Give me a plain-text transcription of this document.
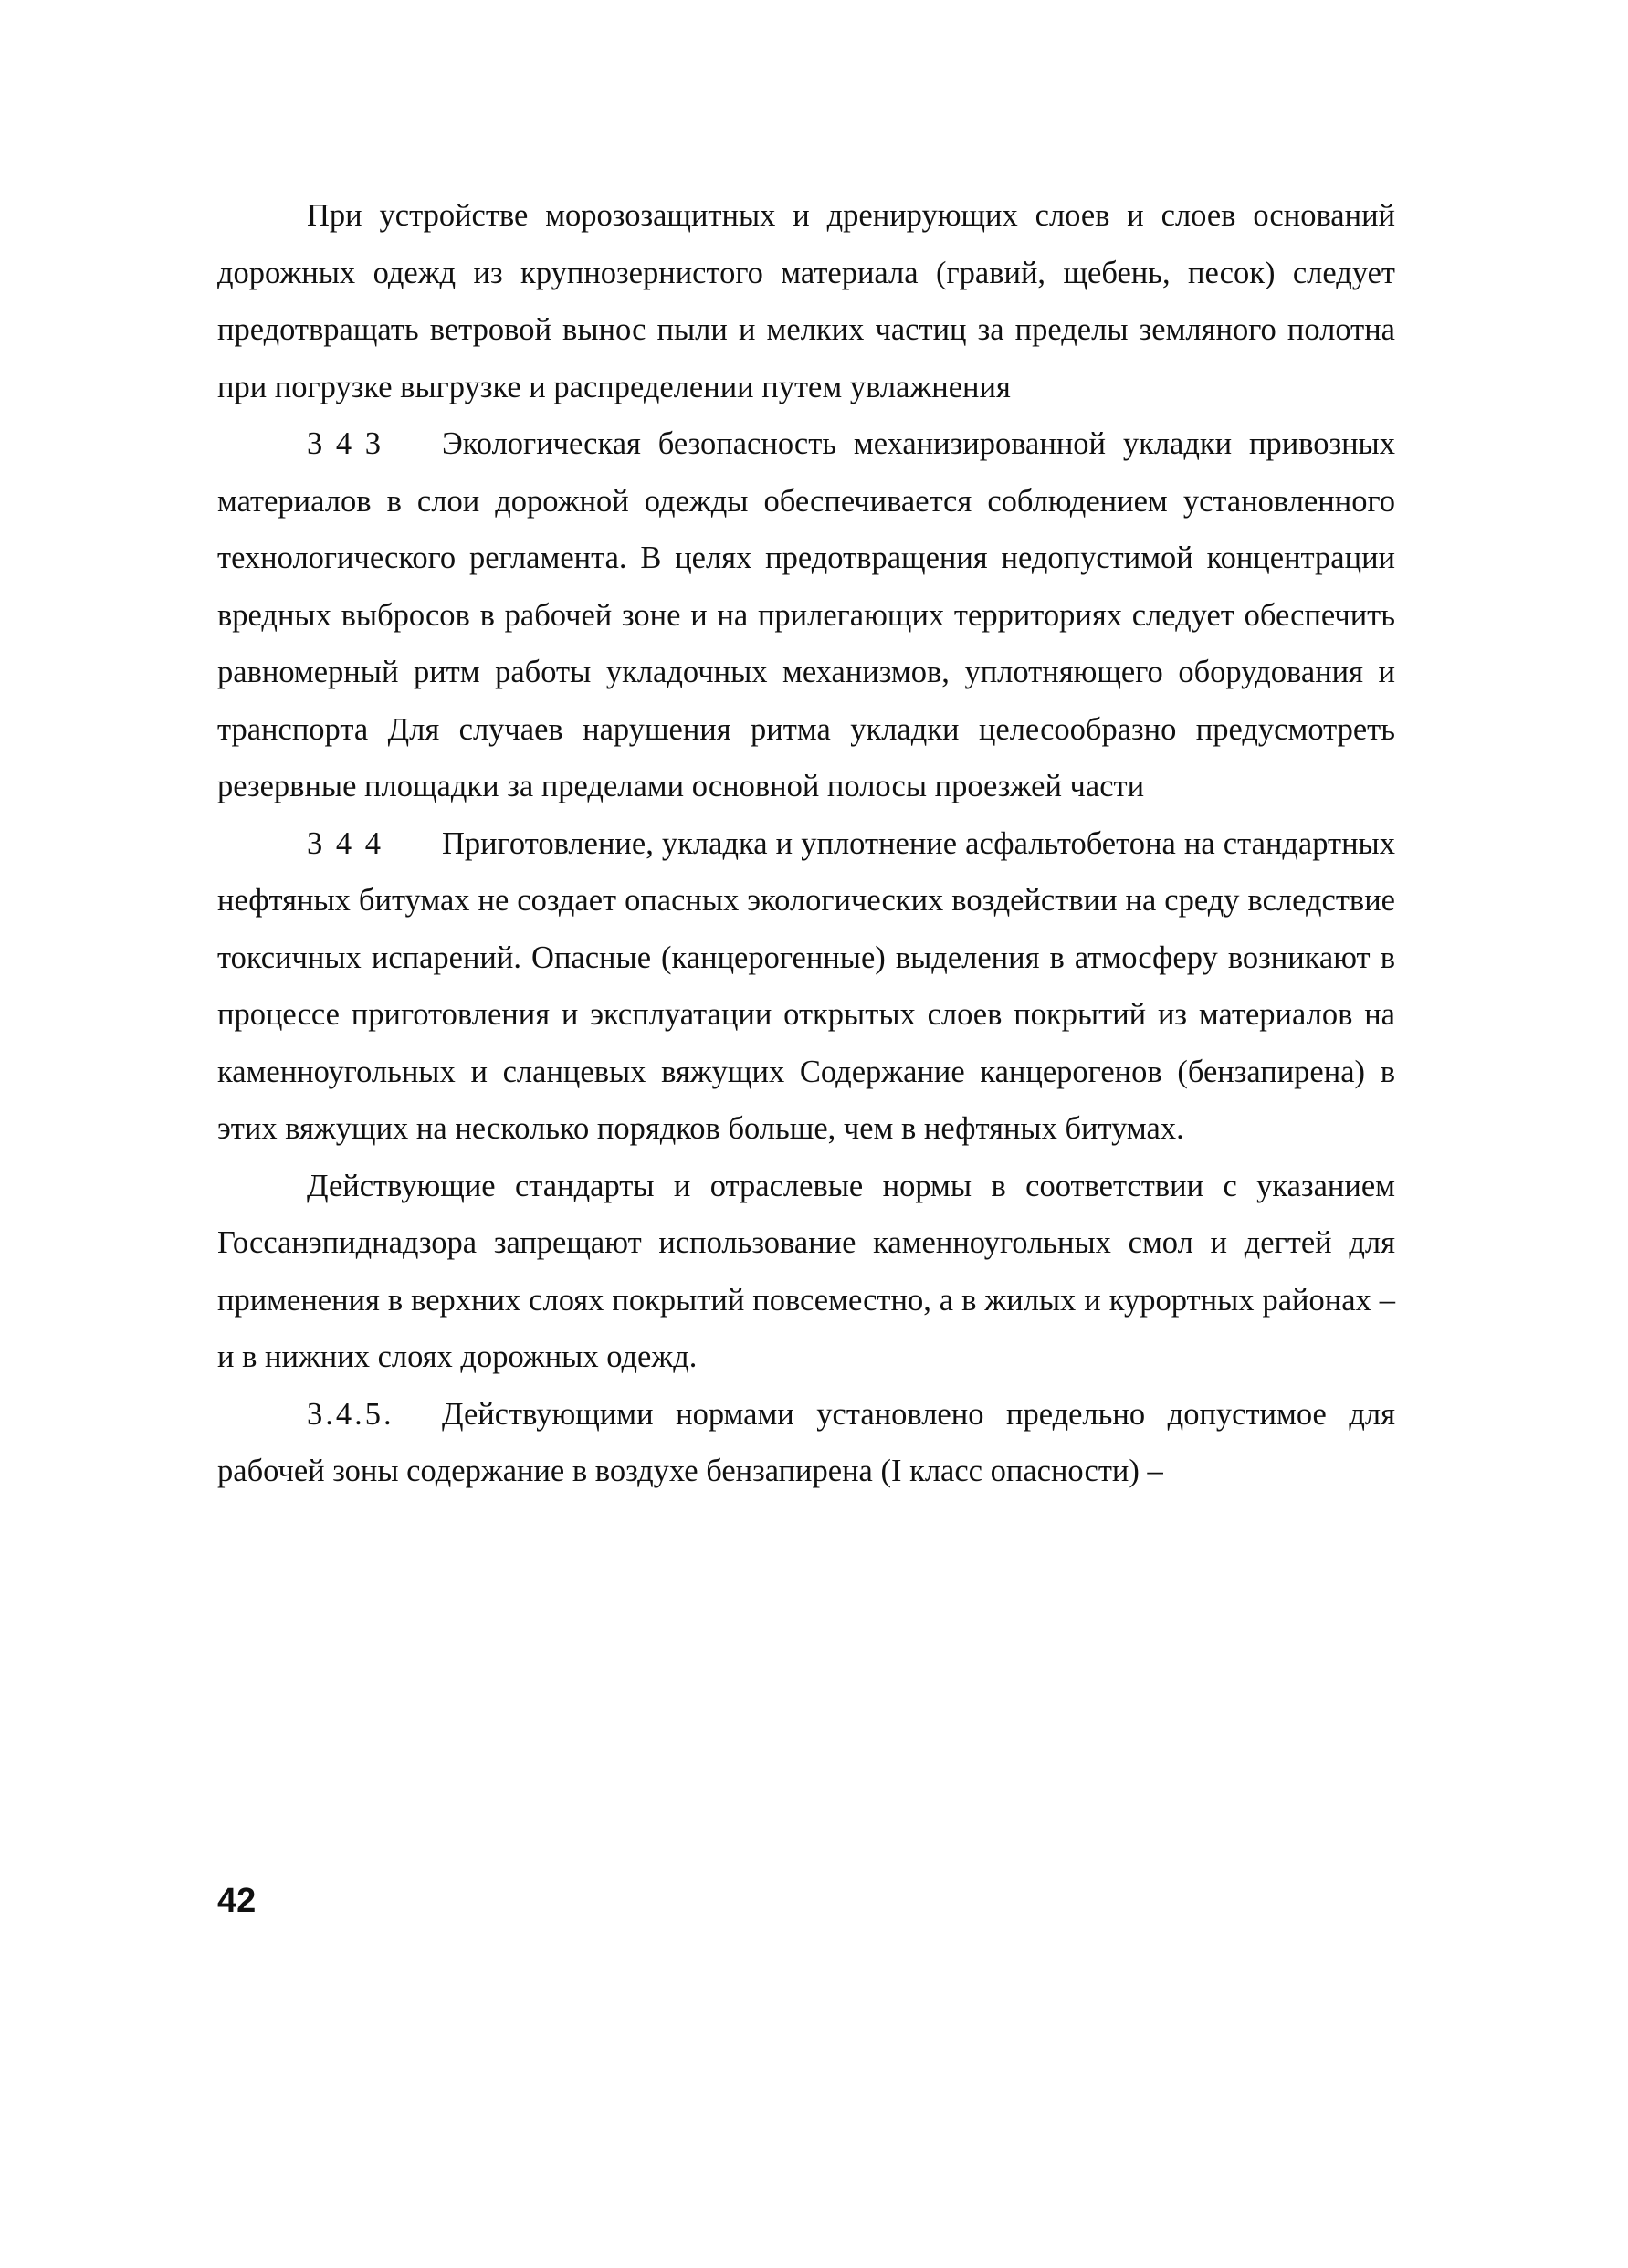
При устройстве морозозащитных и дренирующих слоев и слоев оснований дорожных одежд из крупнозернистого материала (гравий, щебень, песок) следует предотвращать ветровой вынос пыли и мелких частиц за пределы земляного полотна при погрузке выгрузке и распределении путем увлажнения

3 4 3 Экологическая безопасность механизированной укладки привозных материалов в слои дорожной одежды обеспечивается соблюдением установленного технологического регламента. В целях предотвращения недопустимой концентрации вредных выбросов в рабочей зоне и на прилегающих территориях следует обеспечить равномерный ритм работы укладочных механизмов, уплотняющего оборудования и транспорта Для случаев нарушения ритма укладки целесообразно предусмотреть резервные площадки за пределами основной полосы проезжей части

3 4 4 Приготовление, укладка и уплотнение асфальтобетона на стандартных нефтяных битумах не создает опасных экологических воздействии на среду вследствие токсичных испарений. Опасные (канцерогенные) выделения в атмосферу возникают в процессе приготовления и эксплуатации открытых слоев покрытий из материалов на каменноугольных и сланцевых вяжущих Содержание канцерогенов (бензапирена) в этих вяжущих на несколько порядков больше, чем в нефтяных битумах.

Действующие стандарты и отраслевые нормы в соответствии с указанием Госсанэпиднадзора запрещают использование каменноугольных смол и дегтей для применения в верхних слоях покрытий повсеместно, а в жилых и курортных районах – и в нижних слоях дорожных одежд.

3.4.5. Действующими нормами установлено предельно допустимое для рабочей зоны содержание в воздухе бензапирена (I класс опасности) –

42
